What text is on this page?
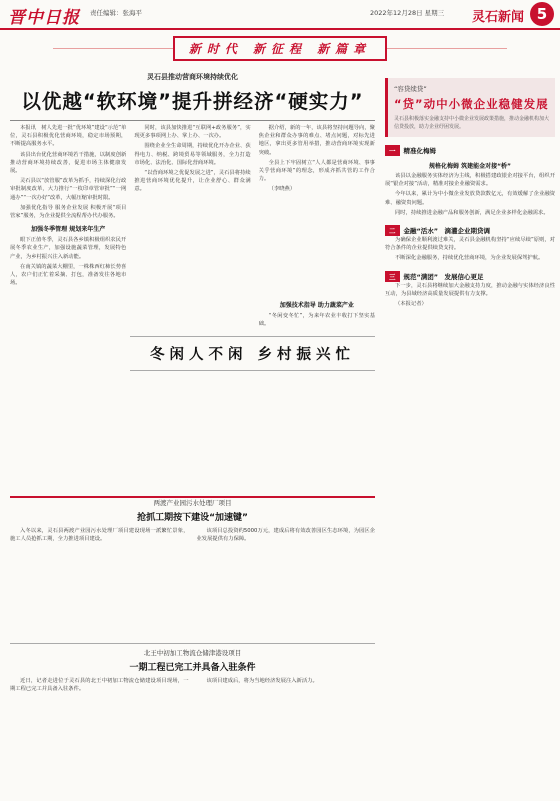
晋中日报 责任编辑：张海平	2022年12月28日 星期三 灵石新闻 5
新时代 新征程 新篇章
灵石县推动营商环境持续优化
以优越“软环境”提升拼经济“硬实力”

本报讯　树人先进一批“优环境”建设“示范”单位，灵石县积极优化营商环境，稳定市场预期，不断提高服务水平。

该县出台优化营商环境若干措施，以制度创新推动营商环境持续改善，促进市场主体健康发展。

灵石县以“放管服”改革为抓手，持续深化行政审批制度改革，大力推行“一枚印章管审批”“一网通办”“一次办好”改革，大幅压缩审批时限。

加强优化指导 服务企业发展 积极开展“项目管家”服务，为企业提供全流程帮办代办服务。

加强冬季管理 规划来年生产

眼下正值冬季，灵石县各乡镇积极组织农民开展冬季农业生产，加强设施蔬菜管理，发展特色产业，为乡村振兴注入新动能。

在南关镇的蔬菜大棚里，一株株西红柿长势喜人，农户们正忙着采摘、打包，准备发往各地市场。

同时，该县加快推进“互联网+政务服务”，实现更多事项网上办、掌上办、一次办。

围绕企业全生命周期，持续优化开办企业、获得电力、纳税、跨境贸易等领域服务，全力打造市场化、法治化、国际化营商环境。

“以营商环境之优促发展之进”，灵石县将持续推进营商环境优化提升，让企业舒心、群众满意。

据介绍，新的一年，该县将坚持问题导向，聚焦企业和群众办事的难点、堵点问题，对标先进地区，拿出更多管用举措，推动营商环境实现新突破。

全县上下牢固树立“人人都是营商环境、事事关乎营商环境”的理念，形成齐抓共管的工作合力。

（李晓燕）

加强技术指导 助力蔬菜产业

“冬闲变冬忙”，为来年农业丰收打下坚实基础。

冬闲人不闲 乡村振兴忙
两渡产业园污水处理厂项目
抢抓工期按下建设“加速键”

入冬以来，灵石县两渡产业园污水处理厂项目建设现场一派繁忙景象，施工人员抢抓工期，全力推进项目建设。

该项目总投资约5000万元，建成后将有效改善园区生态环境，为园区企业发展提供有力保障。

北王中初加工物流仓储津港设项目
一期工程已完工并具备入驻条件

近日，记者走进位于灵石县的北王中初加工物流仓储建设项目现场，一期工程已完工并具备入驻条件。

该项目建成后，将为当地经济发展注入新活力。

“容贷续贷”
“贷”动中小微企业稳健发展
灵石县积极落实金融支持中小微企业发展政策措施，推动金融机构加大信贷投放，助力企业纾困发展。
一	精准化梅姆
规格化梅姆 筑建能金对接“桥”

该县以金融服务实体经济为主线，积极搭建政银企对接平台，组织开展“银企对接”活动，精准对接企业融资需求。

今年以来，累计为中小微企业发放贷款数亿元，有效缓解了企业融资难、融资贵问题。

同时，持续推进金融产品和服务创新，满足企业多样化金融需求。

二	金融“活水”　滴灌企业期贷调

为确保企业顺利渡过难关，灵石县金融机构坚持“应续尽续”原则，对符合条件的企业提供续贷支持。

不断深化金融服务，持续优化营商环境，为企业发展保驾护航。

三	规范“满团”　发展信心更足

下一步，灵石县将继续加大金融支持力度，推动金融与实体经济良性互动，为县域经济高质量发展提供有力支撑。

（本报记者）
